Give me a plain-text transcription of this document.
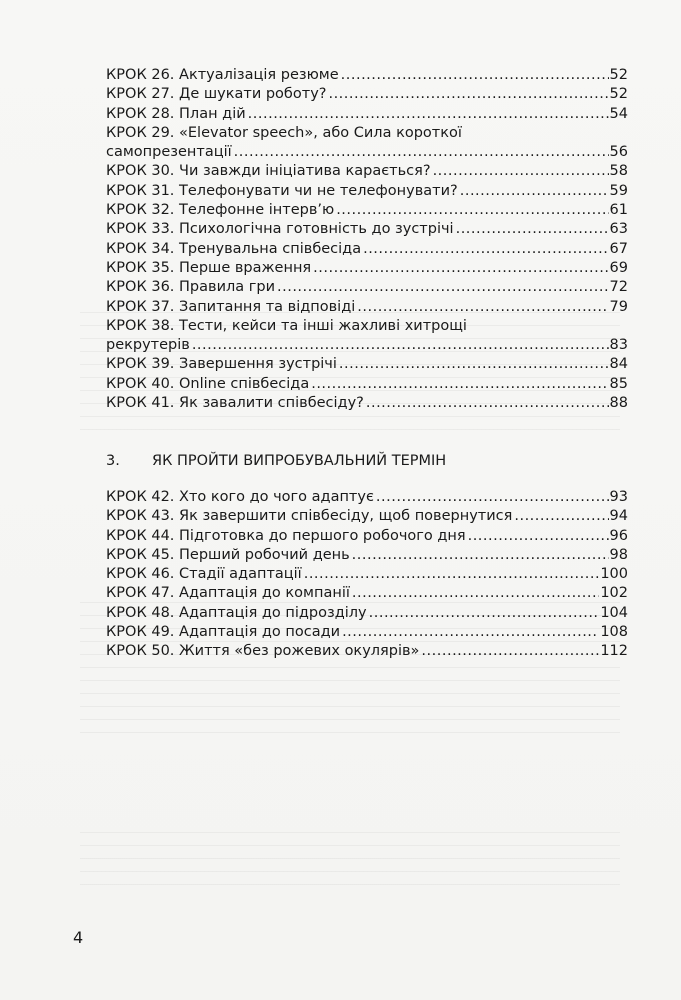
КРОК 26. Актуалізація резюме .....	52
КРОК 27. Де шукати роботу? .....	52
КРОК 28. План дій .....	54
КРОК 29. «Elevator speech», або Сила короткої
самопрезентації .....	56
КРОК 30. Чи завжди ініціатива карається? .....	58
КРОК 31. Телефонувати чи не телефонувати? .....	59
КРОК 32. Телефонне інтерв’ю .....	61
КРОК 33. Психологічна готовність до зустрічі .....	63
КРОК 34. Тренувальна співбесіда .....	67
КРОК 35. Перше враження .....	69
КРОК 36. Правила гри .....	72
КРОК 37. Запитання та відповіді .....	79
КРОК 38. Тести, кейси та інші жахливі хитрощі
рекрутерів .....	83
КРОК 39. Завершення зустрічі .....	84
КРОК 40. Online співбесіда .....	85
КРОК 41. Як завалити співбесіду? .....	88
3.	ЯК ПРОЙТИ ВИПРОБУВАЛЬНИЙ ТЕРМІН
КРОК 42. Хто кого до чого адаптує .....	93
КРОК 43. Як завершити співбесіду, щоб повернутися .....	94
КРОК 44. Підготовка до першого робочого дня .....	96
КРОК 45. Перший робочий день .....	98
КРОК 46. Стадії адаптації .....	100
КРОК 47. Адаптація до компанії .....	102
КРОК 48. Адаптація до підрозділу .....	104
КРОК 49. Адаптація до посади .....	108
КРОК 50. Життя «без рожевих окулярів» .....	112
4
